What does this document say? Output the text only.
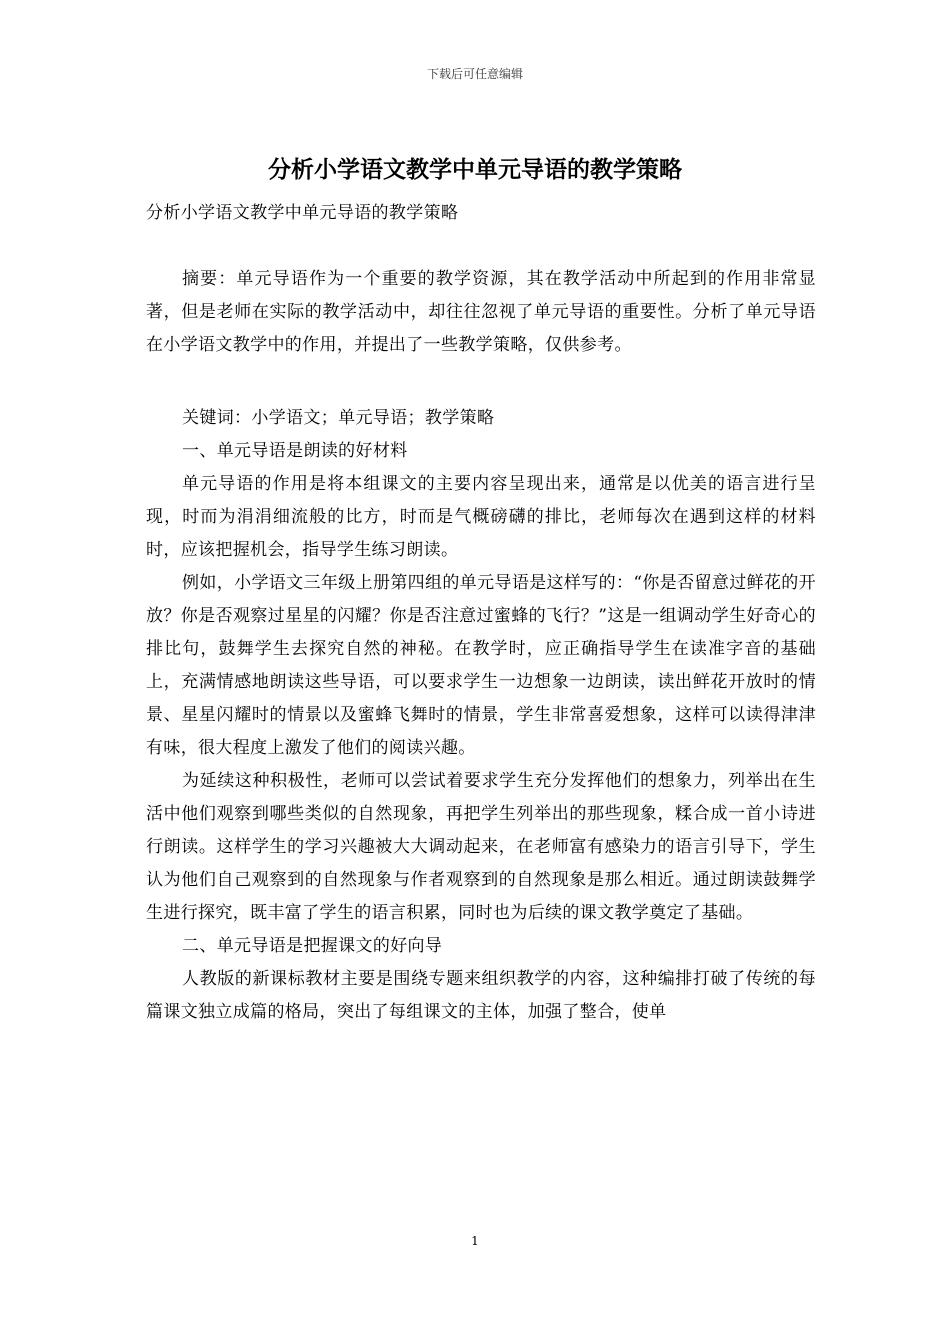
下载后可任意编辑
分析小学语文教学中单元导语的教学策略

分析小学语文教学中单元导语的教学策略

摘要：单元导语作为一个重要的教学资源，其在教学活动中所起到的作用非常显著，但是老师在实际的教学活动中，却往往忽视了单元导语的重要性。分析了单元导语在小学语文教学中的作用，并提出了一些教学策略，仅供参考。

关键词：小学语文；单元导语；教学策略

一、单元导语是朗读的好材料

单元导语的作用是将本组课文的主要内容呈现出来，通常是以优美的语言进行呈现，时而为涓涓细流般的比方，时而是气概磅礴的排比，老师每次在遇到这样的材料时，应该把握机会，指导学生练习朗读。

例如，小学语文三年级上册第四组的单元导语是这样写的：“你是否留意过鲜花的开放？你是否观察过星星的闪耀？你是否注意过蜜蜂的飞行？”这是一组调动学生好奇心的排比句，鼓舞学生去探究自然的神秘。在教学时，应正确指导学生在读准字音的基础上，充满情感地朗读这些导语，可以要求学生一边想象一边朗读，读出鲜花开放时的情景、星星闪耀时的情景以及蜜蜂飞舞时的情景，学生非常喜爱想象，这样可以读得津津有味，很大程度上激发了他们的阅读兴趣。

为延续这种积极性，老师可以尝试着要求学生充分发挥他们的想象力，列举出在生活中他们观察到哪些类似的自然现象，再把学生列举出的那些现象，糅合成一首小诗进行朗读。这样学生的学习兴趣被大大调动起来，在老师富有感染力的语言引导下，学生认为他们自己观察到的自然现象与作者观察到的自然现象是那么相近。通过朗读鼓舞学生进行探究，既丰富了学生的语言积累，同时也为后续的课文教学奠定了基础。

二、单元导语是把握课文的好向导

人教版的新课标教材主要是围绕专题来组织教学的内容，这种编排打破了传统的每篇课文独立成篇的格局，突出了每组课文的主体，加强了整合，使单

1
